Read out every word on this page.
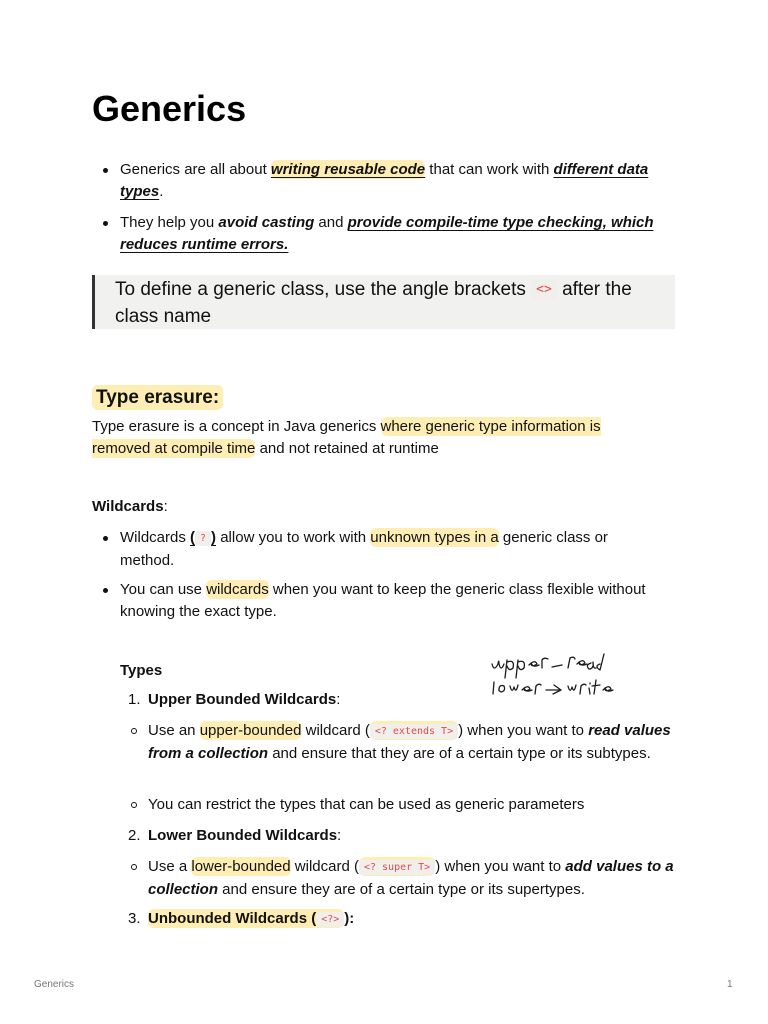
Generics
Generics are all about writing reusable code that can work with different data types.
They help you avoid casting and provide compile-time type checking, which reduces runtime errors.
To define a generic class, use the angle brackets <> after the class name
Type erasure:
Type erasure is a concept in Java generics where generic type information is removed at compile time and not retained at runtime
Wildcards:
Wildcards ( ? ) allow you to work with unknown types in a generic class or method.
You can use wildcards when you want to keep the generic class flexible without knowing the exact type.
Types
1. Upper Bounded Wildcards:
Use an upper-bounded wildcard ( <? extends T> ) when you want to read values from a collection and ensure that they are of a certain type or its subtypes.
You can restrict the types that can be used as generic parameters
2. Lower Bounded Wildcards:
Use a lower-bounded wildcard ( <? super T> ) when you want to add values to a collection and ensure they are of a certain type or its supertypes.
3. Unbounded Wildcards ( <?> ):
Generics	1
